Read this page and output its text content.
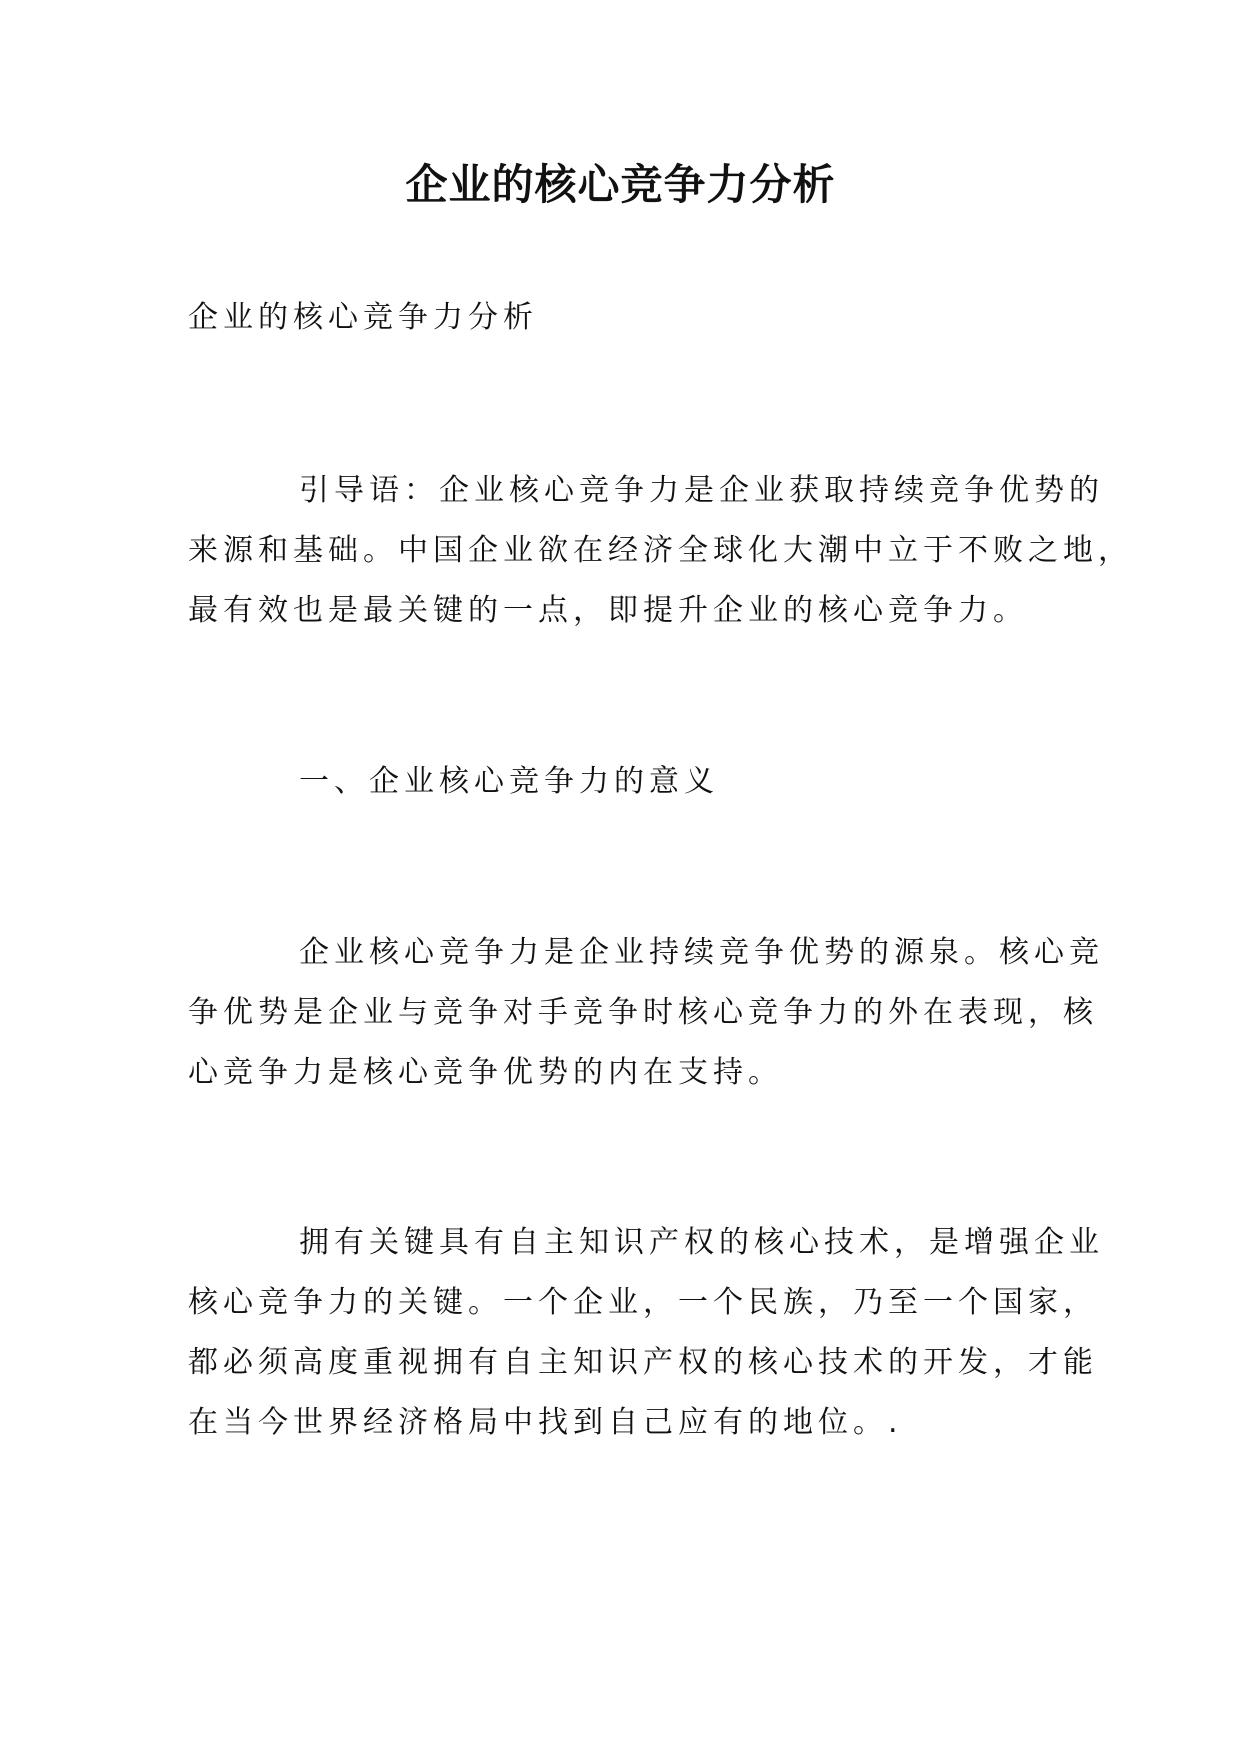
企业的核心竞争力分析

企业的核心竞争力分析

引导语：企业核心竞争力是企业获取持续竞争优势的
来源和基础。中国企业欲在经济全球化大潮中立于不败之地，
最有效也是最关键的一点，即提升企业的核心竞争力。

一、企业核心竞争力的意义

企业核心竞争力是企业持续竞争优势的源泉。核心竞
争优势是企业与竞争对手竞争时核心竞争力的外在表现，核
心竞争力是核心竞争优势的内在支持。

拥有关键具有自主知识产权的核心技术，是增强企业
核心竞争力的关键。一个企业，一个民族，乃至一个国家，
都必须高度重视拥有自主知识产权的核心技术的开发，才能
在当今世界经济格局中找到自己应有的地位。.
